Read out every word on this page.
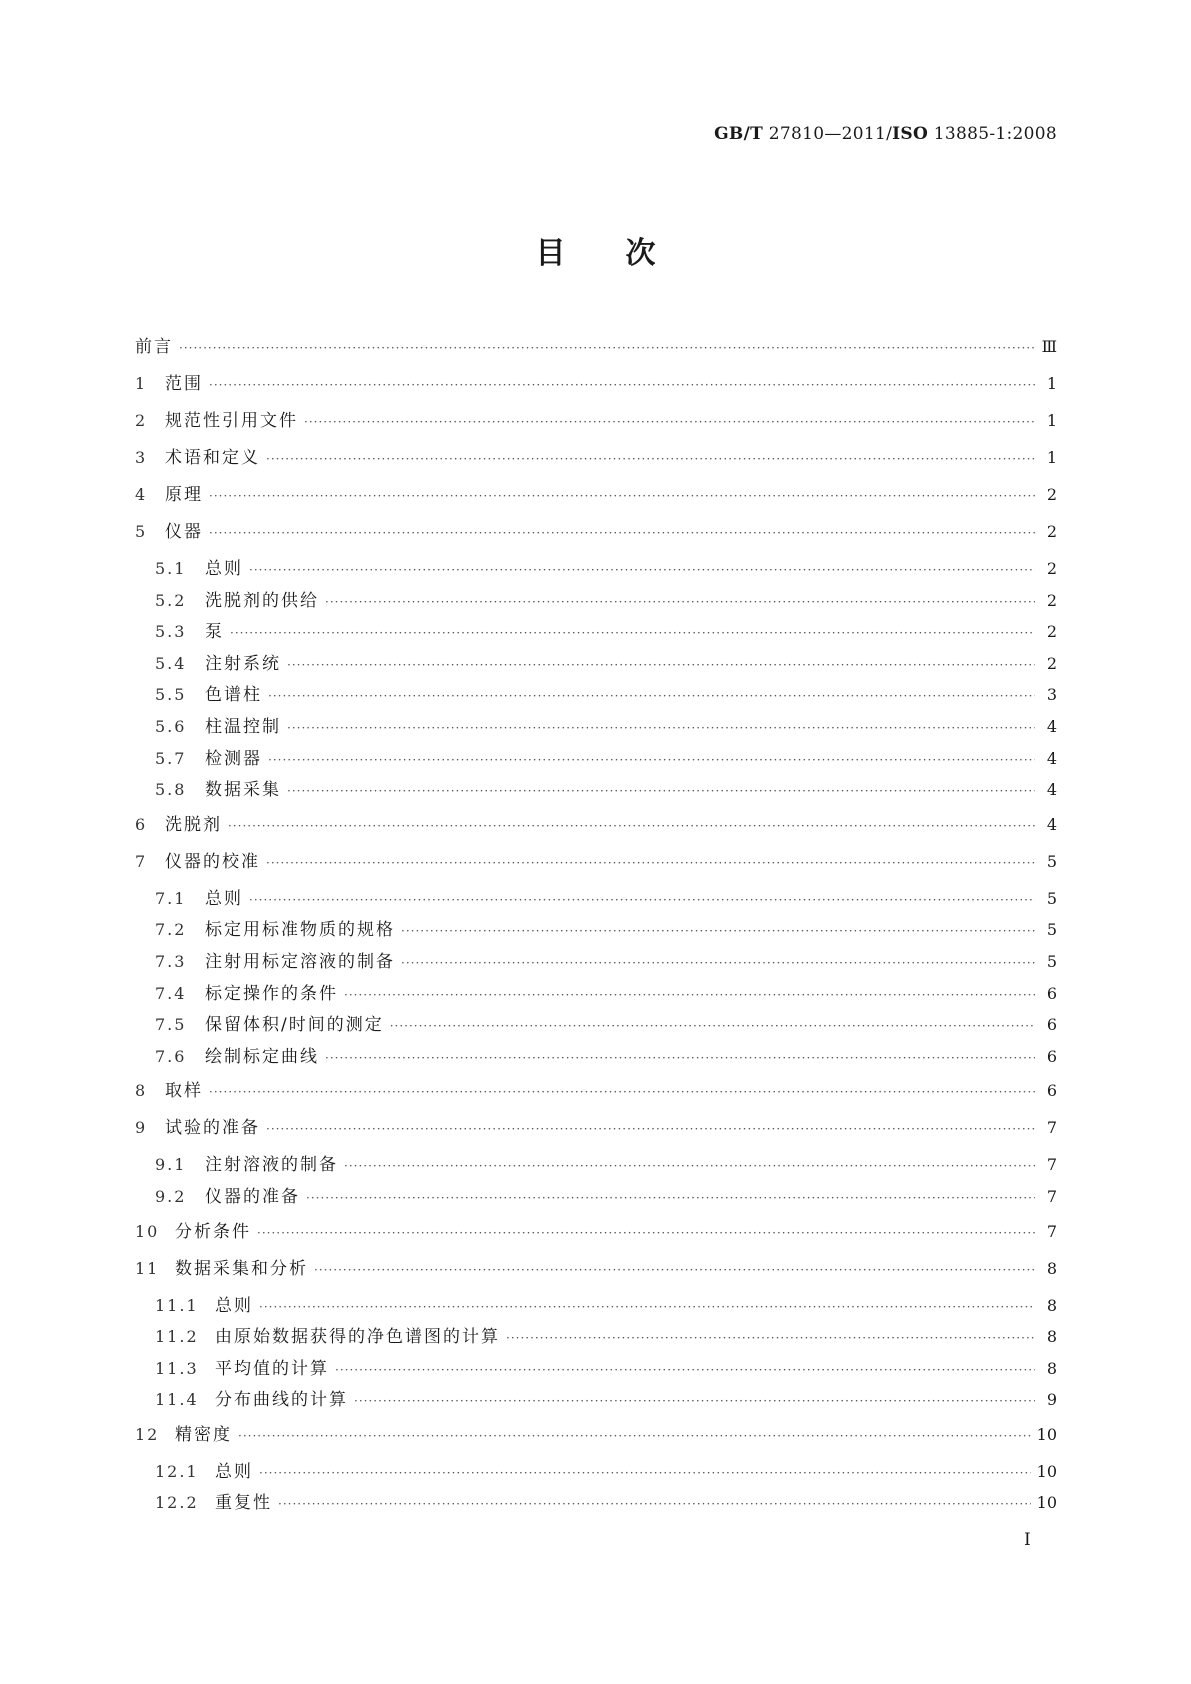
GB/T 27810—2011/ISO 13885-1:2008
目次
前言 ·····	Ⅲ
1	范围 ·····	1
2	规范性引用文件 ·····	1
3	术语和定义 ·····	1
4	原理 ·····	2
5	仪器 ·····	2
5.1	总则 ·····	2
5.2	洗脱剂的供给 ·····	2
5.3	泵 ·····	2
5.4	注射系统 ·····	2
5.5	色谱柱 ·····	3
5.6	柱温控制 ·····	4
5.7	检测器 ·····	4
5.8	数据采集 ·····	4
6	洗脱剂 ·····	4
7	仪器的校准 ·····	5
7.1	总则 ·····	5
7.2	标定用标准物质的规格 ·····	5
7.3	注射用标定溶液的制备 ·····	5
7.4	标定操作的条件 ·····	6
7.5	保留体积/时间的测定 ·····	6
7.6	绘制标定曲线 ·····	6
8	取样 ·····	6
9	试验的准备 ·····	7
9.1	注射溶液的制备 ·····	7
9.2	仪器的准备 ·····	7
10 分析条件 ·····	7
11 数据采集和分析 ·····	8
11.1 总则 ·····	8
11.2 由原始数据获得的净色谱图的计算 ·····	8
11.3 平均值的计算 ·····	8
11.4 分布曲线的计算 ·····	9
12 精密度 ·····	10
12.1 总则 ·····	10
12.2 重复性 ·····	10
I
